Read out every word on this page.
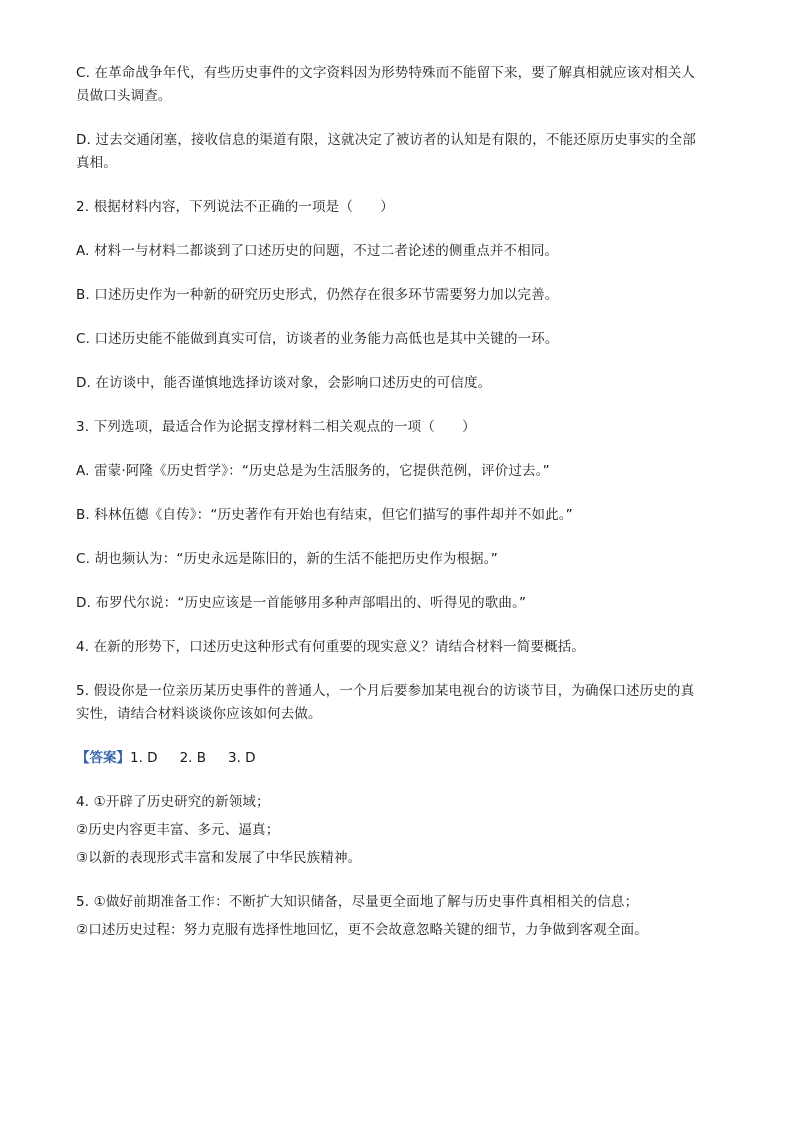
C. 在革命战争年代，有些历史事件的文字资料因为形势特殊而不能留下来，要了解真相就应该对相关人
员做口头调查。
D. 过去交通闭塞，接收信息的渠道有限，这就决定了被访者的认知是有限的，不能还原历史事实的全部
真相。
2. 根据材料内容，下列说法不正确的一项是（　　）
A. 材料一与材料二都谈到了口述历史的问题，不过二者论述的侧重点并不相同。
B. 口述历史作为一种新的研究历史形式，仍然存在很多环节需要努力加以完善。
C. 口述历史能不能做到真实可信，访谈者的业务能力高低也是其中关键的一环。
D. 在访谈中，能否谨慎地选择访谈对象，会影响口述历史的可信度。
3. 下列选项，最适合作为论据支撑材料二相关观点的一项（　　）
A. 雷蒙·阿隆《历史哲学》：“历史总是为生活服务的，它提供范例，评价过去。”
B. 科林伍德《自传》：“历史著作有开始也有结束，但它们描写的事件却并不如此。”
C. 胡也频认为：“历史永远是陈旧的，新的生活不能把历史作为根据。”
D. 布罗代尔说：“历史应该是一首能够用多种声部唱出的、听得见的歌曲。”
4. 在新的形势下，口述历史这种形式有何重要的现实意义？请结合材料一简要概括。
5. 假设你是一位亲历某历史事件的普通人，一个月后要参加某电视台的访谈节目，为确保口述历史的真
实性，请结合材料谈谈你应该如何去做。
【答案】1. D 2. B 3. D
4. ①开辟了历史研究的新领域；
②历史内容更丰富、多元、逼真；
③以新的表现形式丰富和发展了中华民族精神。
5. ①做好前期准备工作：不断扩大知识储备，尽量更全面地了解与历史事件真相相关的信息；
②口述历史过程：努力克服有选择性地回忆，更不会故意忽略关键的细节，力争做到客观全面。
